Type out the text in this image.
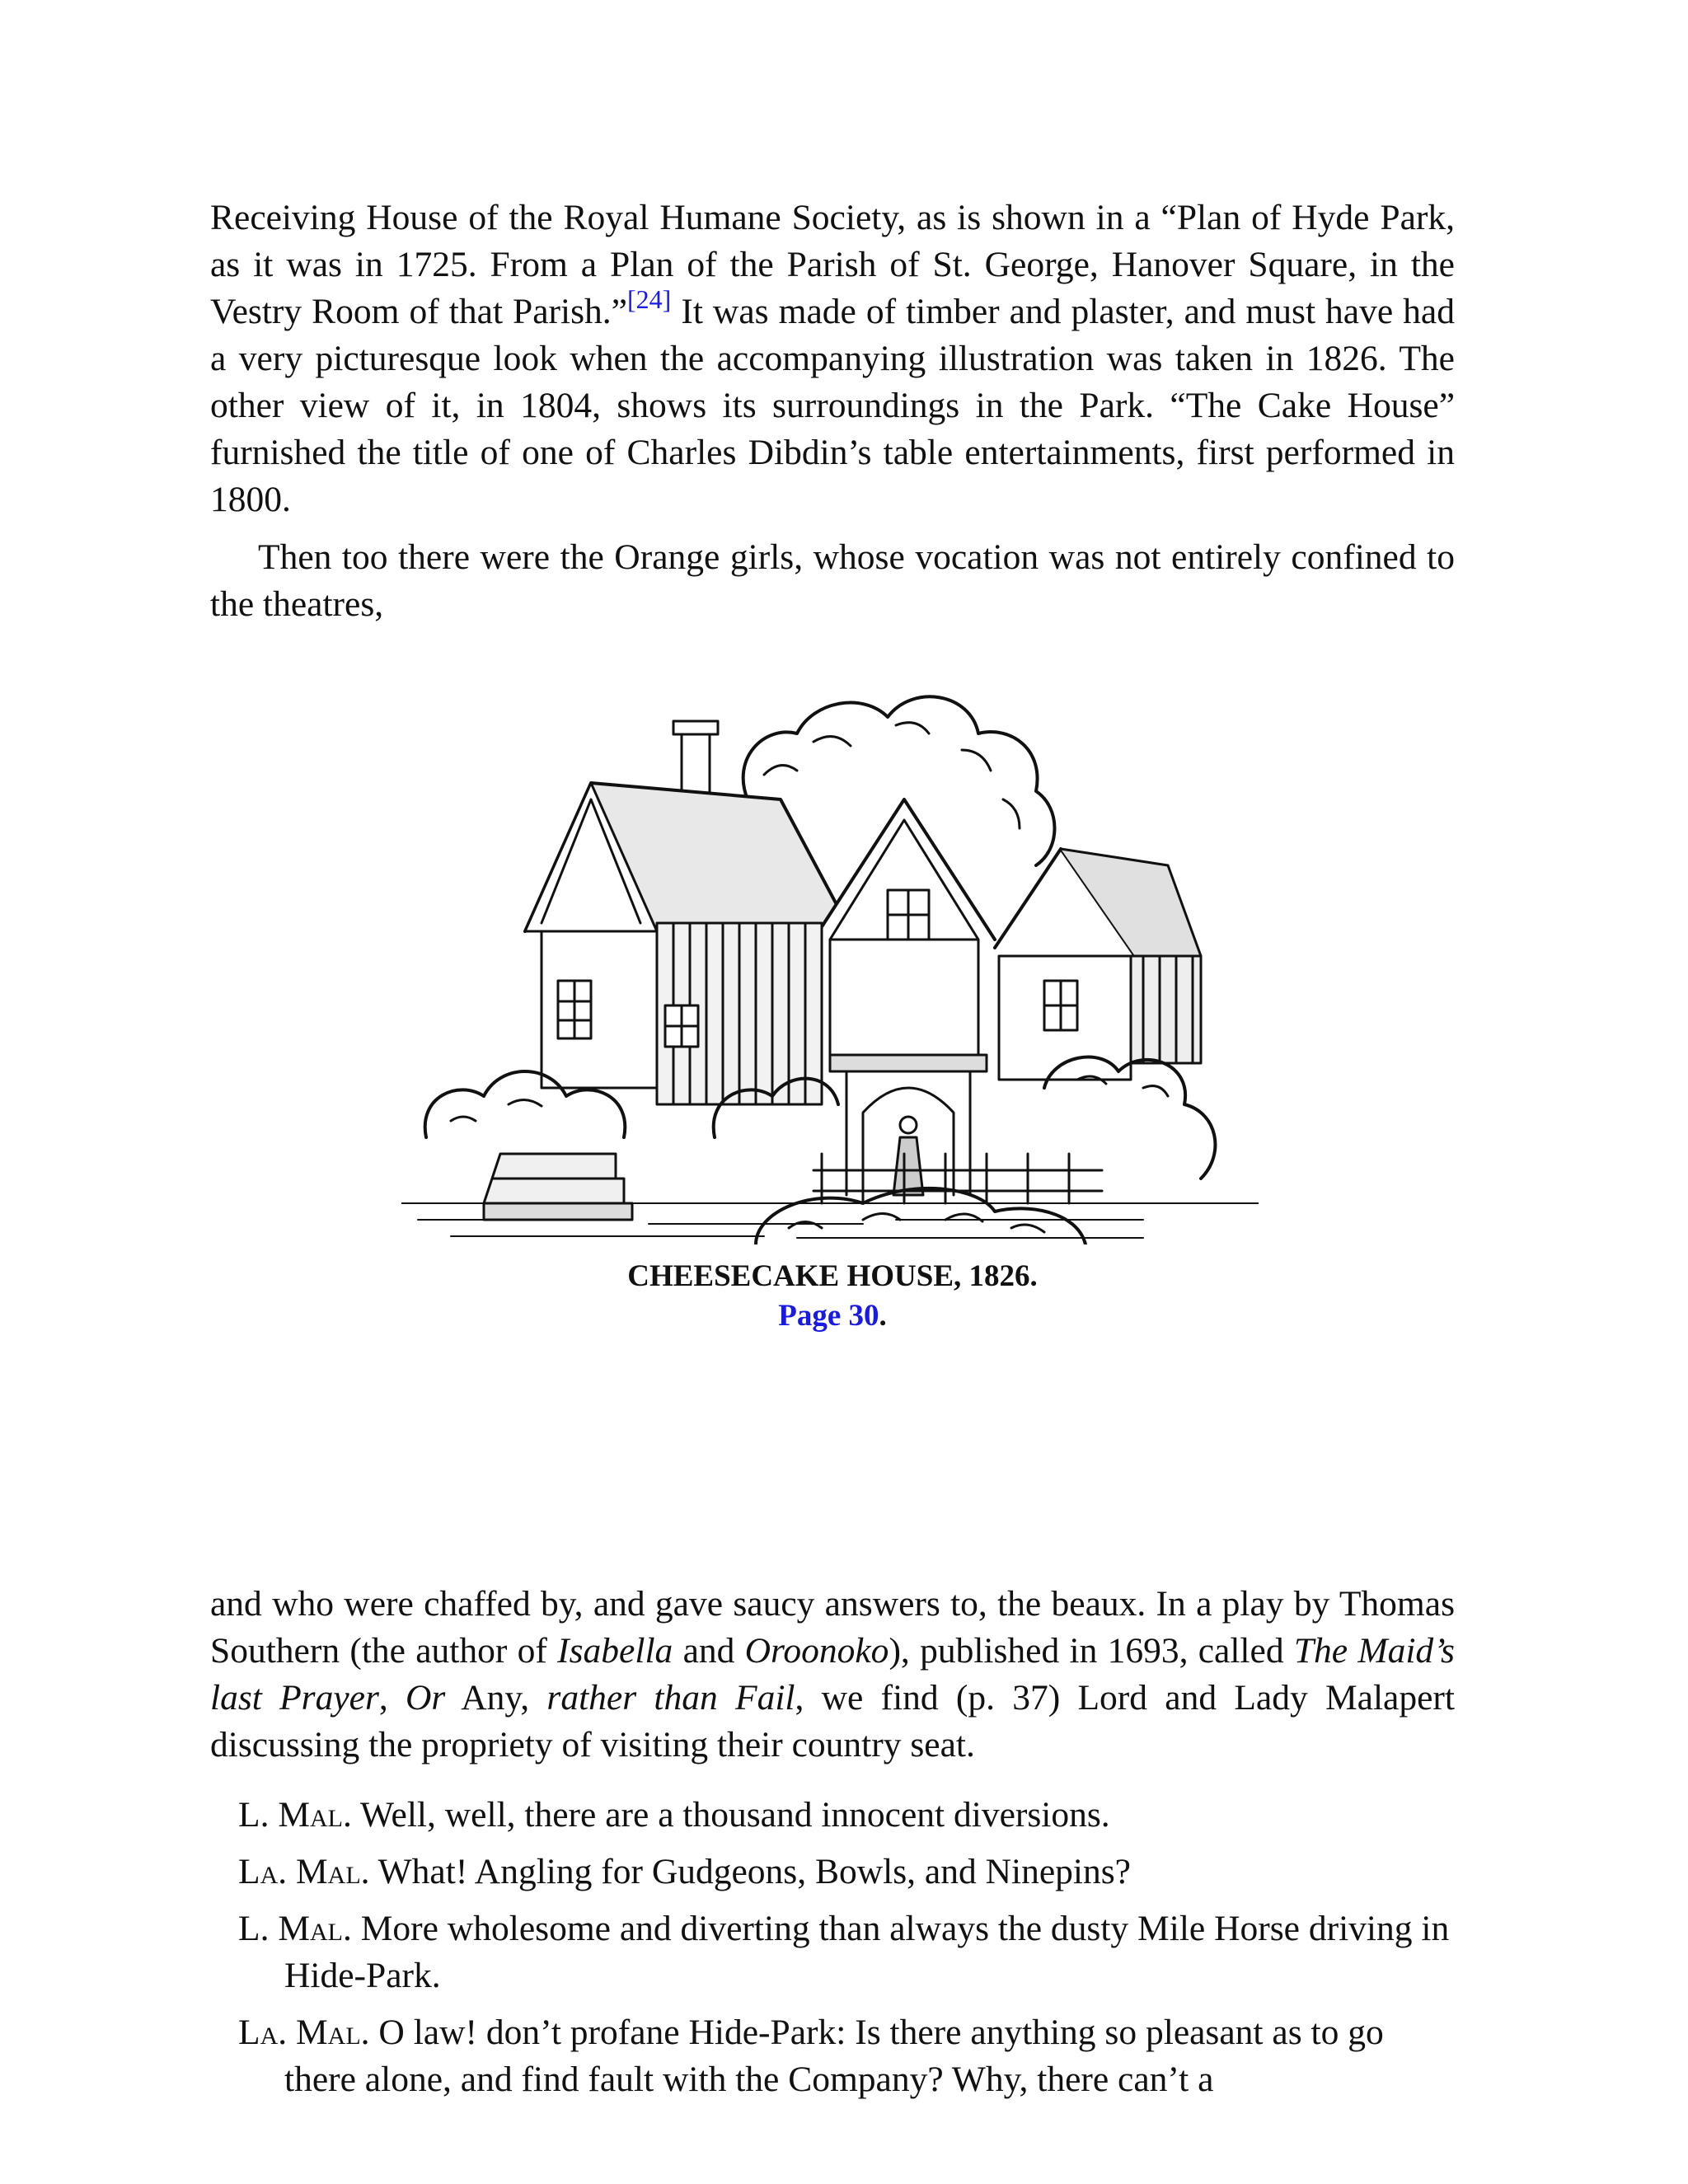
Receiving House of the Royal Humane Society, as is shown in a “Plan of Hyde Park, as it was in 1725. From a Plan of the Parish of St. George, Hanover Square, in the Vestry Room of that Parish.”[24] It was made of timber and plaster, and must have had a very picturesque look when the accompanying illustration was taken in 1826. The other view of it, in 1804, shows its surroundings in the Park. “The Cake House” furnished the title of one of Charles Dibdin’s table entertainments, first performed in 1800.

Then too there were the Orange girls, whose vocation was not entirely confined to the theatres,

CHEESECAKE HOUSE, 1826.
Page 30.

and who were chaffed by, and gave saucy answers to, the beaux. In a play by Thomas Southern (the author of Isabella and Oroonoko), published in 1693, called The Maid’s last Prayer, Or Any, rather than Fail, we find (p. 37) Lord and Lady Malapert discussing the propriety of visiting their country seat.

L. Mal. Well, well, there are a thousand innocent diversions.

La. Mal. What! Angling for Gudgeons, Bowls, and Ninepins?

L. Mal. More wholesome and diverting than always the dusty Mile Horse driving in Hide-Park.

La. Mal. O law! don’t profane Hide-Park: Is there anything so pleasant as to go there alone, and find fault with the Company? Why, there can’t a
